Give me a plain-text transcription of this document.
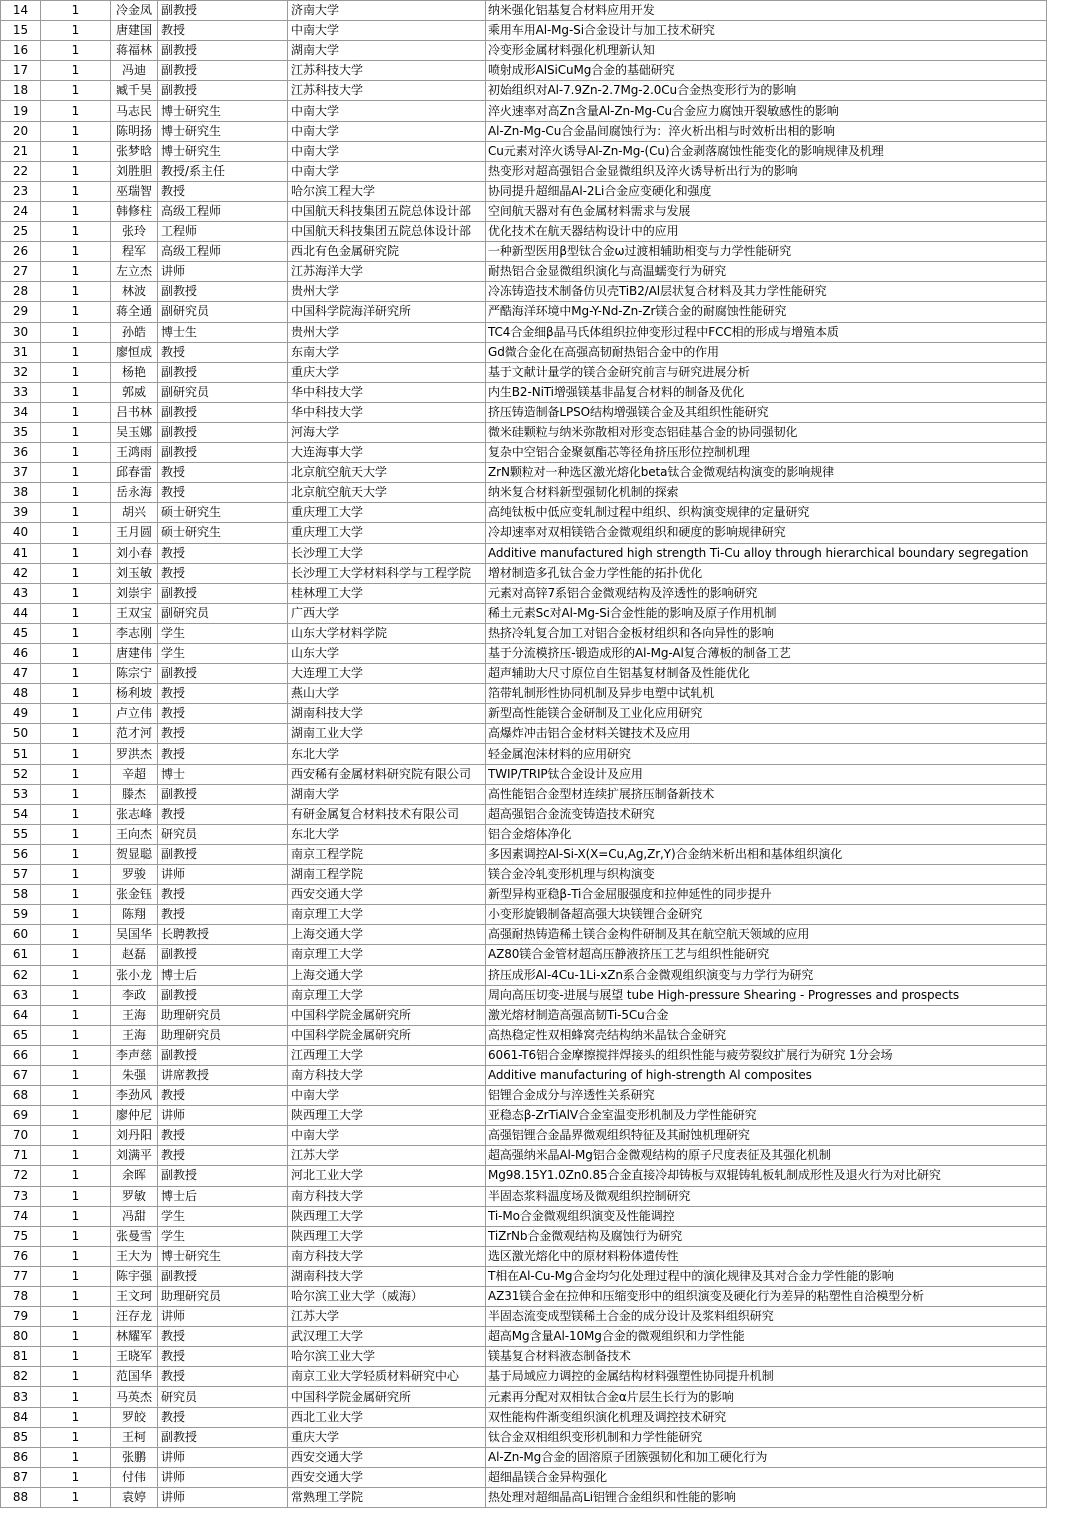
14	1	冷金凤	副教授	济南大学	纳米强化铝基复合材料应用开发
15	1	唐建国	教授	中南大学	乘用车用Al-Mg-Si合金设计与加工技术研究
16	1	蒋福林	副教授	湖南大学	冷变形金属材料强化机理新认知
17	1	冯迪	副教授	江苏科技大学	喷射成形AlSiCuMg合金的基础研究
18	1	臧千昊	副教授	江苏科技大学	初始组织对Al-7.9Zn-2.7Mg-2.0Cu合金热变形行为的影响
19	1	马志民	博士研究生	中南大学	淬火速率对高Zn含量Al-Zn-Mg-Cu合金应力腐蚀开裂敏感性的影响
20	1	陈明扬	博士研究生	中南大学	Al-Zn-Mg-Cu合金晶间腐蚀行为：淬火析出相与时效析出相的影响
21	1	张梦晗	博士研究生	中南大学	Cu元素对淬火诱导Al-Zn-Mg-(Cu)合金剥落腐蚀性能变化的影响规律及机理
22	1	刘胜胆	教授/系主任	中南大学	热变形对超高强铝合金显微组织及淬火诱导析出行为的影响
23	1	巫瑞智	教授	哈尔滨工程大学	协同提升超细晶Al-2Li合金应变硬化和强度
24	1	韩修柱	高级工程师	中国航天科技集团五院总体设计部	空间航天器对有色金属材料需求与发展
25	1	张玲	工程师	中国航天科技集团五院总体设计部	优化技术在航天器结构设计中的应用
26	1	程军	高级工程师	西北有色金属研究院	一种新型医用β型钛合金ω过渡相辅助相变与力学性能研究
27	1	左立杰	讲师	江苏海洋大学	耐热铝合金显微组织演化与高温蠕变行为研究
28	1	林波	副教授	贵州大学	冷冻铸造技术制备仿贝壳TiB2/Al层状复合材料及其力学性能研究
29	1	蒋全通	副研究员	中国科学院海洋研究所	严酷海洋环境中Mg-Y-Nd-Zn-Zr镁合金的耐腐蚀性能研究
30	1	孙皓	博士生	贵州大学	TC4合金细β晶马氏体组织拉伸变形过程中FCC相的形成与增殖本质
31	1	廖恒成	教授	东南大学	Gd微合金化在高强高韧耐热铝合金中的作用
32	1	杨艳	副教授	重庆大学	基于文献计量学的镁合金研究前言与研究进展分析
33	1	郭威	副研究员	华中科技大学	内生B2-NiTi增强镁基非晶复合材料的制备及优化
34	1	吕书林	副教授	华中科技大学	挤压铸造制备LPSO结构增强镁合金及其组织性能研究
35	1	吴玉娜	副教授	河海大学	微米硅颗粒与纳米弥散相对形变态铝硅基合金的协同强韧化
36	1	王鸿雨	副教授	大连海事大学	复杂中空铝合金聚氨酯芯等径角挤压形位控制机理
37	1	邱春雷	教授	北京航空航天大学	ZrN颗粒对一种选区激光熔化beta钛合金微观结构演变的影响规律
38	1	岳永海	教授	北京航空航天大学	纳米复合材料新型强韧化机制的探索
39	1	胡兴	硕士研究生	重庆理工大学	高纯钛板中低应变轧制过程中组织、织构演变规律的定量研究
40	1	王月圆	硕士研究生	重庆理工大学	冷却速率对双相镁锆合金微观组织和硬度的影响规律研究
41	1	刘小春	教授	长沙理工大学	Additive manufactured high strength Ti-Cu alloy through hierarchical boundary segregation
42	1	刘玉敏	教授	长沙理工大学材料科学与工程学院	增材制造多孔钛合金力学性能的拓扑优化
43	1	刘崇宇	副教授	桂林理工大学	元素对高锌7系铝合金微观结构及淬透性的影响研究
44	1	王双宝	副研究员	广西大学	稀土元素Sc对Al-Mg-Si合金性能的影响及原子作用机制
45	1	李志刚	学生	山东大学材料学院	热挤冷轧复合加工对铝合金板材组织和各向异性的影响
46	1	唐建伟	学生	山东大学	基于分流模挤压-锻造成形的Al-Mg-Al复合薄板的制备工艺
47	1	陈宗宁	副教授	大连理工大学	超声辅助大尺寸原位自生铝基复材制备及性能优化
48	1	杨利坡	教授	燕山大学	箔带轧制形性协同机制及异步电塑中试轧机
49	1	卢立伟	教授	湖南科技大学	新型高性能镁合金研制及工业化应用研究
50	1	范才河	教授	湖南工业大学	高爆炸冲击铝合金材料关键技术及应用
51	1	罗洪杰	教授	东北大学	轻金属泡沫材料的应用研究
52	1	辛超	博士	西安稀有金属材料研究院有限公司	TWIP/TRIP钛合金设计及应用
53	1	滕杰	副教授	湖南大学	高性能铝合金型材连续扩展挤压制备新技术
54	1	张志峰	教授	有研金属复合材料技术有限公司	超高强铝合金流变铸造技术研究
55	1	王向杰	研究员	东北大学	铝合金熔体净化
56	1	贺显聪	副教授	南京工程学院	多因素调控Al-Si-X(X=Cu,Ag,Zr,Y)合金纳米析出相和基体组织演化
57	1	罗骏	讲师	湖南工程学院	镁合金冷轧变形机理与织构演变
58	1	张金钰	教授	西安交通大学	新型异构亚稳β-Ti合金屈服强度和拉伸延性的同步提升
59	1	陈翔	教授	南京理工大学	小变形旋锻制备超高强大块镁锂合金研究
60	1	吴国华	长聘教授	上海交通大学	高强耐热铸造稀土镁合金构件研制及其在航空航天领域的应用
61	1	赵磊	副教授	南京理工大学	AZ80镁合金管材超高压静液挤压工艺与组织性能研究
62	1	张小龙	博士后	上海交通大学	挤压成形Al-4Cu-1Li-xZn系合金微观组织演变与力学行为研究
63	1	李政	副教授	南京理工大学	周向高压切变-进展与展望 tube High-pressure Shearing - Progresses and prospects
64	1	王海	助理研究员	中国科学院金属研究所	激光熔材制造高强高韧Ti-5Cu合金
65	1	王海	助理研究员	中国科学院金属研究所	高热稳定性双相蜂窝壳结构纳米晶钛合金研究
66	1	李声慈	副教授	江西理工大学	6061-T6铝合金摩擦搅拌焊接头的组织性能与疲劳裂纹扩展行为研究 1分会场
67	1	朱强	讲席教授	南方科技大学	Additive manufacturing of high-strength Al composites
68	1	李劲风	教授	中南大学	铝锂合金成分与淬透性关系研究
69	1	廖仲尼	讲师	陕西理工大学	亚稳态β-ZrTiAlV合金室温变形机制及力学性能研究
70	1	刘丹阳	教授	中南大学	高强铝锂合金晶界微观组织特征及其耐蚀机理研究
71	1	刘满平	教授	江苏大学	超高强纳米晶Al-Mg铝合金微观结构的原子尺度表征及其强化机制
72	1	余晖	副教授	河北工业大学	Mg98.15Y1.0Zn0.85合金直接冷却铸板与双辊铸轧板轧制成形性及退火行为对比研究
73	1	罗敏	博士后	南方科技大学	半固态浆料温度场及微观组织控制研究
74	1	冯甜	学生	陕西理工大学	Ti-Mo合金微观组织演变及性能调控
75	1	张曼雪	学生	陕西理工大学	TiZrNb合金微观结构及腐蚀行为研究
76	1	王大为	博士研究生	南方科技大学	选区激光熔化中的原材料粉体遗传性
77	1	陈宇强	副教授	湖南科技大学	T相在Al-Cu-Mg合金均匀化处理过程中的演化规律及其对合金力学性能的影响
78	1	王文珂	助理研究员	哈尔滨工业大学（威海）	AZ31镁合金在拉伸和压缩变形中的组织演变及硬化行为差异的粘塑性自洽模型分析
79	1	汪存龙	讲师	江苏大学	半固态流变成型镁稀土合金的成分设计及浆料组织研究
80	1	林耀军	教授	武汉理工大学	超高Mg含量Al-10Mg合金的微观组织和力学性能
81	1	王晓军	教授	哈尔滨工业大学	镁基复合材料液态制备技术
82	1	范国华	教授	南京工业大学轻质材料研究中心	基于局域应力调控的金属结构材料强塑性协同提升机制
83	1	马英杰	研究员	中国科学院金属研究所	元素再分配对双相钛合金α片层生长行为的影响
84	1	罗皎	教授	西北工业大学	双性能构件渐变组织演化机理及调控技术研究
85	1	王柯	副教授	重庆大学	钛合金双相组织变形机制和力学性能研究
86	1	张鹏	讲师	西安交通大学	Al-Zn-Mg合金的固溶原子团簇强韧化和加工硬化行为
87	1	付伟	讲师	西安交通大学	超细晶镁合金异构强化
88	1	袁婷	讲师	常熟理工学院	热处理对超细晶高Li铝锂合金组织和性能的影响
